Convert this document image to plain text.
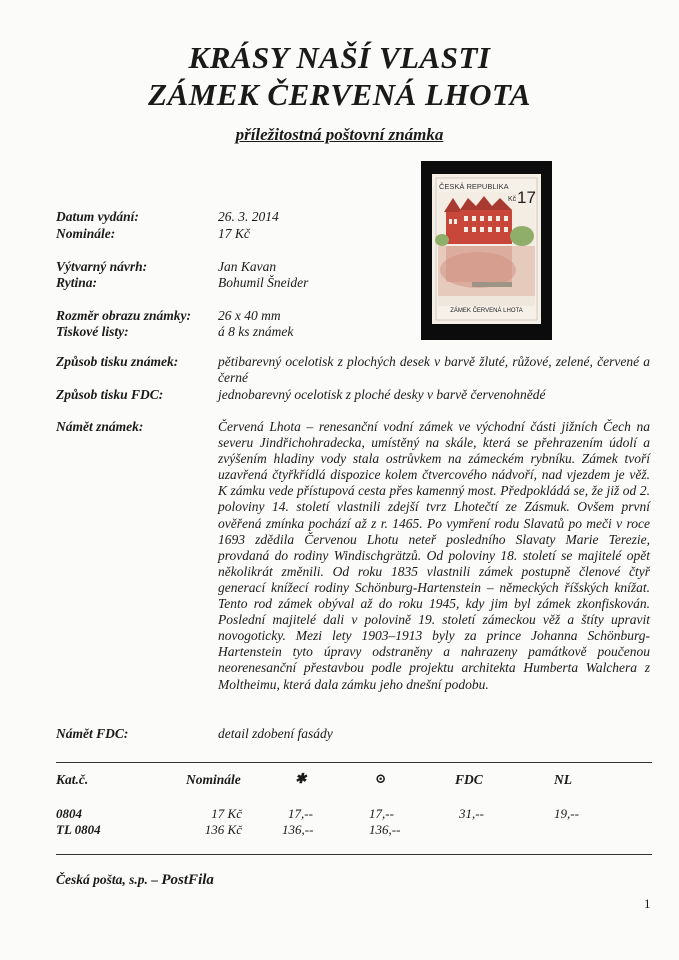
KRÁSY NAŠÍ VLASTI
ZÁMEK ČERVENÁ LHOTA
příležitostná poštovní známka
ČESKÁ REPUBLIKA
Kč 17
ZÁMEK ČERVENÁ LHOTA
Datum vydání:	26. 3. 2014
Nominále:	17 Kč
Výtvarný návrh:	Jan Kavan
Rytina:	Bohumil Šneider
Rozměr obrazu známky: 26 x 40 mm
Tiskové listy:	á 8 ks známek
Způsob tisku známek:	pětibarevný ocelotisk z plochých desek v barvě žluté, růžové, zelené, červené a černé
Způsob tisku FDC:	jednobarevný ocelotisk z ploché desky v barvě červenohnědé
Námět známek:	Červená Lhota – renesanční vodní zámek ve východní části jižních Čech na severu Jindřichohradecka, umístěný na skále, která se přehrazením údolí a zvýšením hladiny vody stala ostrůvkem na zámeckém rybníku. Zámek tvoří uzavřená čtyřkřídlá dispozice kolem čtvercového nádvoří, nad vjezdem je věž. K zámku vede přístupová cesta přes kamenný most. Předpokládá se, že již od 2. poloviny 14. století vlastnili zdejší tvrz Lhotečtí ze Zásmuk. Ovšem první ověřená zmínka pochází až z r. 1465. Po vymření rodu Slavatů po meči v roce 1693 zdědila Červenou Lhotu neteř posledního Slavaty Marie Terezie, provdaná do rodiny Windischgrätzů. Od poloviny 18. století se majitelé opět několikrát změnili. Od roku 1835 vlastnili zámek postupně členové čtyř generací knížecí rodiny Schönburg-Hartenstein – německých říšských knížat. Tento rod zámek obýval až do roku 1945, kdy jim byl zámek zkonfiskován. Poslední majitelé dali v polovině 19. století zámeckou věž a štíty upravit novogoticky. Mezi lety 1903–1913 byly za prince Johanna Schönburg-Hartenstein tyto úpravy odstraněny a nahrazeny památkově poučenou neorenesanční přestavbou podle projektu architekta Humberta Walchera z Moltheimu, která dala zámku jeho dnešní podobu.
Námět FDC:	detail zdobení fasády
Kat.č.	Nominále	✱	⊙	FDC	NL
0804	17 Kč	17,--	17,--	31,--	19,--
TL 0804	136 Kč	136,--	136,--
Česká pošta, s.p. – PostFila
1
